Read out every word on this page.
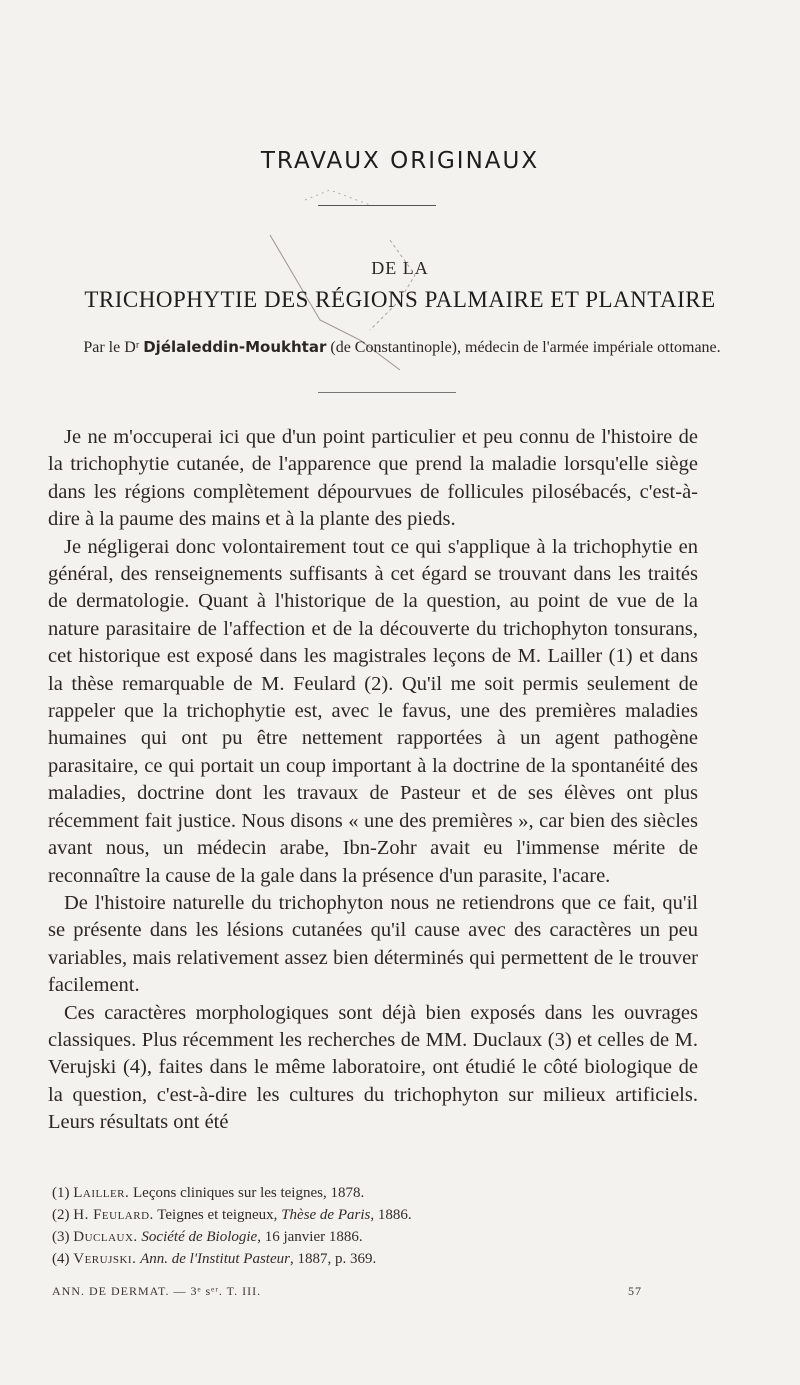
TRAVAUX ORIGINAUX
DE LA
TRICHOPHYTIE DES RÉGIONS PALMAIRE ET PLANTAIRE
Par le Dʳ Djélaleddin-Moukhtar (de Constantinople), médecin de l'armée impériale ottomane.

Je ne m'occuperai ici que d'un point particulier et peu connu de l'histoire de la trichophytie cutanée, de l'apparence que prend la maladie lorsqu'elle siège dans les régions complètement dépourvues de follicules pilosébacés, c'est-à-dire à la paume des mains et à la plante des pieds.

Je négligerai donc volontairement tout ce qui s'applique à la trichophytie en général, des renseignements suffisants à cet égard se trouvant dans les traités de dermatologie. Quant à l'historique de la question, au point de vue de la nature parasitaire de l'affection et de la découverte du trichophyton tonsurans, cet historique est exposé dans les magistrales leçons de M. Lailler (1) et dans la thèse remarquable de M. Feulard (2). Qu'il me soit permis seulement de rappeler que la trichophytie est, avec le favus, une des premières maladies humaines qui ont pu être nettement rapportées à un agent pathogène parasitaire, ce qui portait un coup important à la doctrine de la spontanéité des maladies, doctrine dont les travaux de Pasteur et de ses élèves ont plus récemment fait justice. Nous disons « une des premières », car bien des siècles avant nous, un médecin arabe, Ibn-Zohr avait eu l'immense mérite de reconnaître la cause de la gale dans la présence d'un parasite, l'acare.

De l'histoire naturelle du trichophyton nous ne retiendrons que ce fait, qu'il se présente dans les lésions cutanées qu'il cause avec des caractères un peu variables, mais relativement assez bien déterminés qui permettent de le trouver facilement.

Ces caractères morphologiques sont déjà bien exposés dans les ouvrages classiques. Plus récemment les recherches de MM. Duclaux (3) et celles de M. Verujski (4), faites dans le même laboratoire, ont étudié le côté biologique de la question, c'est-à-dire les cultures du trichophyton sur milieux artificiels. Leurs résultats ont été

(1) Lailler. Leçons cliniques sur les teignes, 1878.
(2) H. Feulard. Teignes et teigneux, Thèse de Paris, 1886.
(3) Duclaux. Société de Biologie, 16 janvier 1886.
(4) Verujski. Ann. de l'Institut Pasteur, 1887, p. 369.
ANN. DE DERMAT. — 3ᵉ sᵉʳ. T. III.	57
